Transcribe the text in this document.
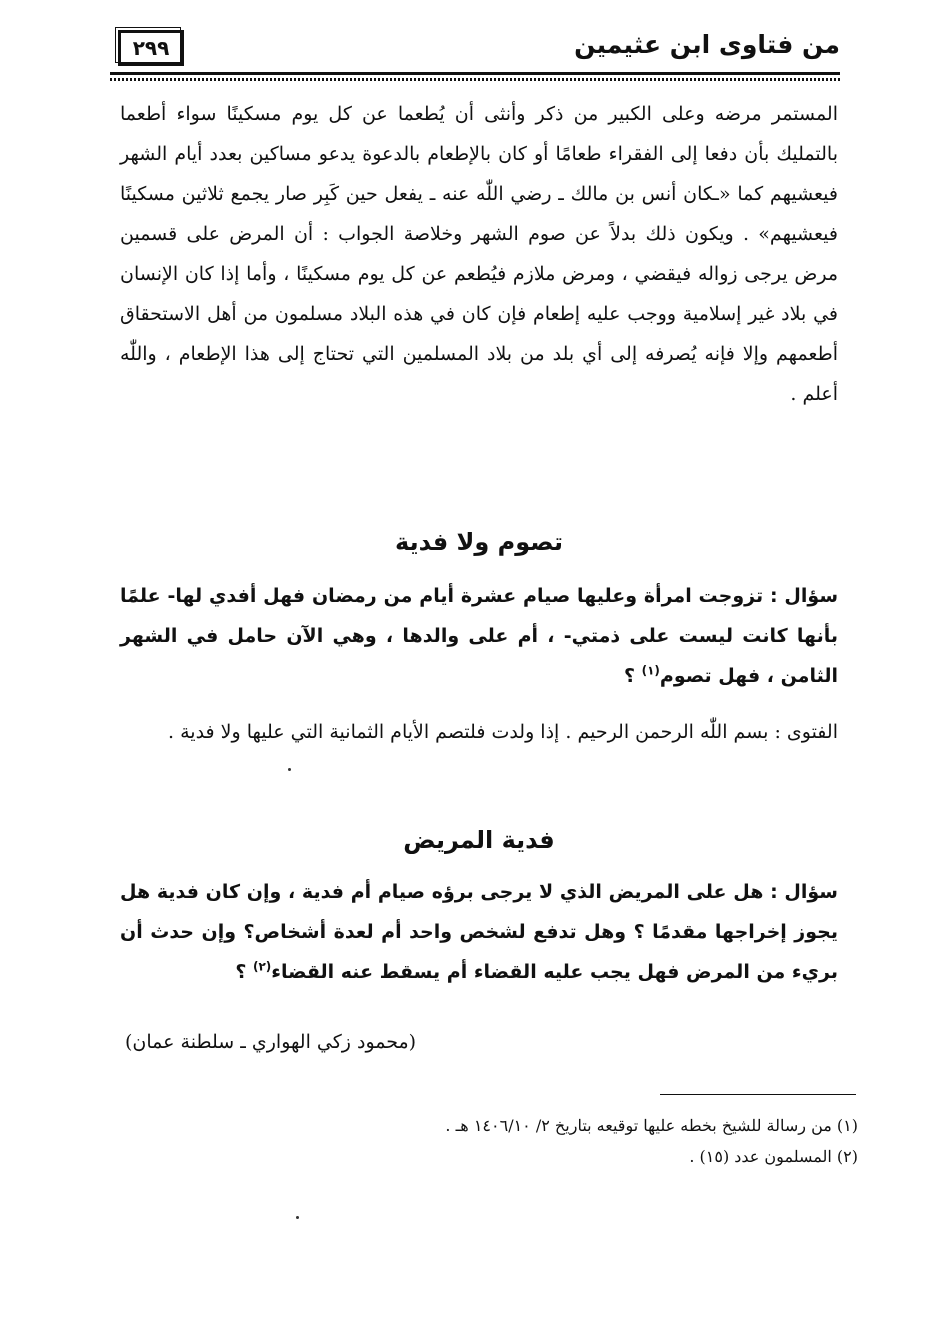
من فتاوى ابن عثيمين
٢٩٩

المستمر مرضه وعلى الكبير من ذكر وأنثى أن يُطعما عن كل يوم مسكينًا سواء أطعما بالتمليك بأن دفعا إلى الفقراء طعامًا أو كان بالإطعام بالدعوة يدعو مساكين بعدد أيام الشهر فيعشيهم كما «ـكان أنس بن مالك ـ رضي اللّٰه عنه ـ يفعل حين كَبِر صار يجمع ثلاثين مسكينًا فيعشيهم» . ويكون ذلك بدلاً عن صوم الشهر وخلاصة الجواب : أن المرض على قسمين مرض يرجى زواله فيقضي ، ومرض ملازم فيُطعم عن كل يوم مسكينًا ، وأما إذا كان الإنسان في بلاد غير إسلامية ووجب عليه إطعام فإن كان في هذه البلاد مسلمون من أهل الاستحقاق أطعمهم وإلا فإنه يُصرفه إلى أي بلد من بلاد المسلمين التي تحتاج إلى هذا الإطعام ، واللّٰه أعلم .

تصوم ولا فدية

سؤال : تزوجت امرأة وعليها صيام عشرة أيام من رمضان فهل أفدي لها- علمًا بأنها كانت ليست على ذمتي- ، أم على والدها ، وهي الآن حامل في الشهر الثامن ، فهل تصوم$^{(١)}$ ؟

الفتوى : بسم اللّٰه الرحمن الرحيم . إذا ولدت فلتصم الأيام الثمانية التي عليها ولا فدية .

فدية المريض

سؤال : هل على المريض الذي لا يرجى برؤه صيام أم فدية ، وإن كان فدية هل يجوز إخراجها مقدمًا ؟ وهل تدفع لشخص واحد أم لعدة أشخاص؟ وإن حدث أن بريء من المرض فهل يجب عليه القضاء أم يسقط عنه القضاء$^{(٢)}$ ؟

(محمود زكي الهواري ـ سلطنة عمان)

(١) من رسالة للشيخ بخطه عليها توقيعه بتاريخ ٢/ ١٤٠٦/١٠ هـ .

(٢) المسلمون عدد (١٥) .
